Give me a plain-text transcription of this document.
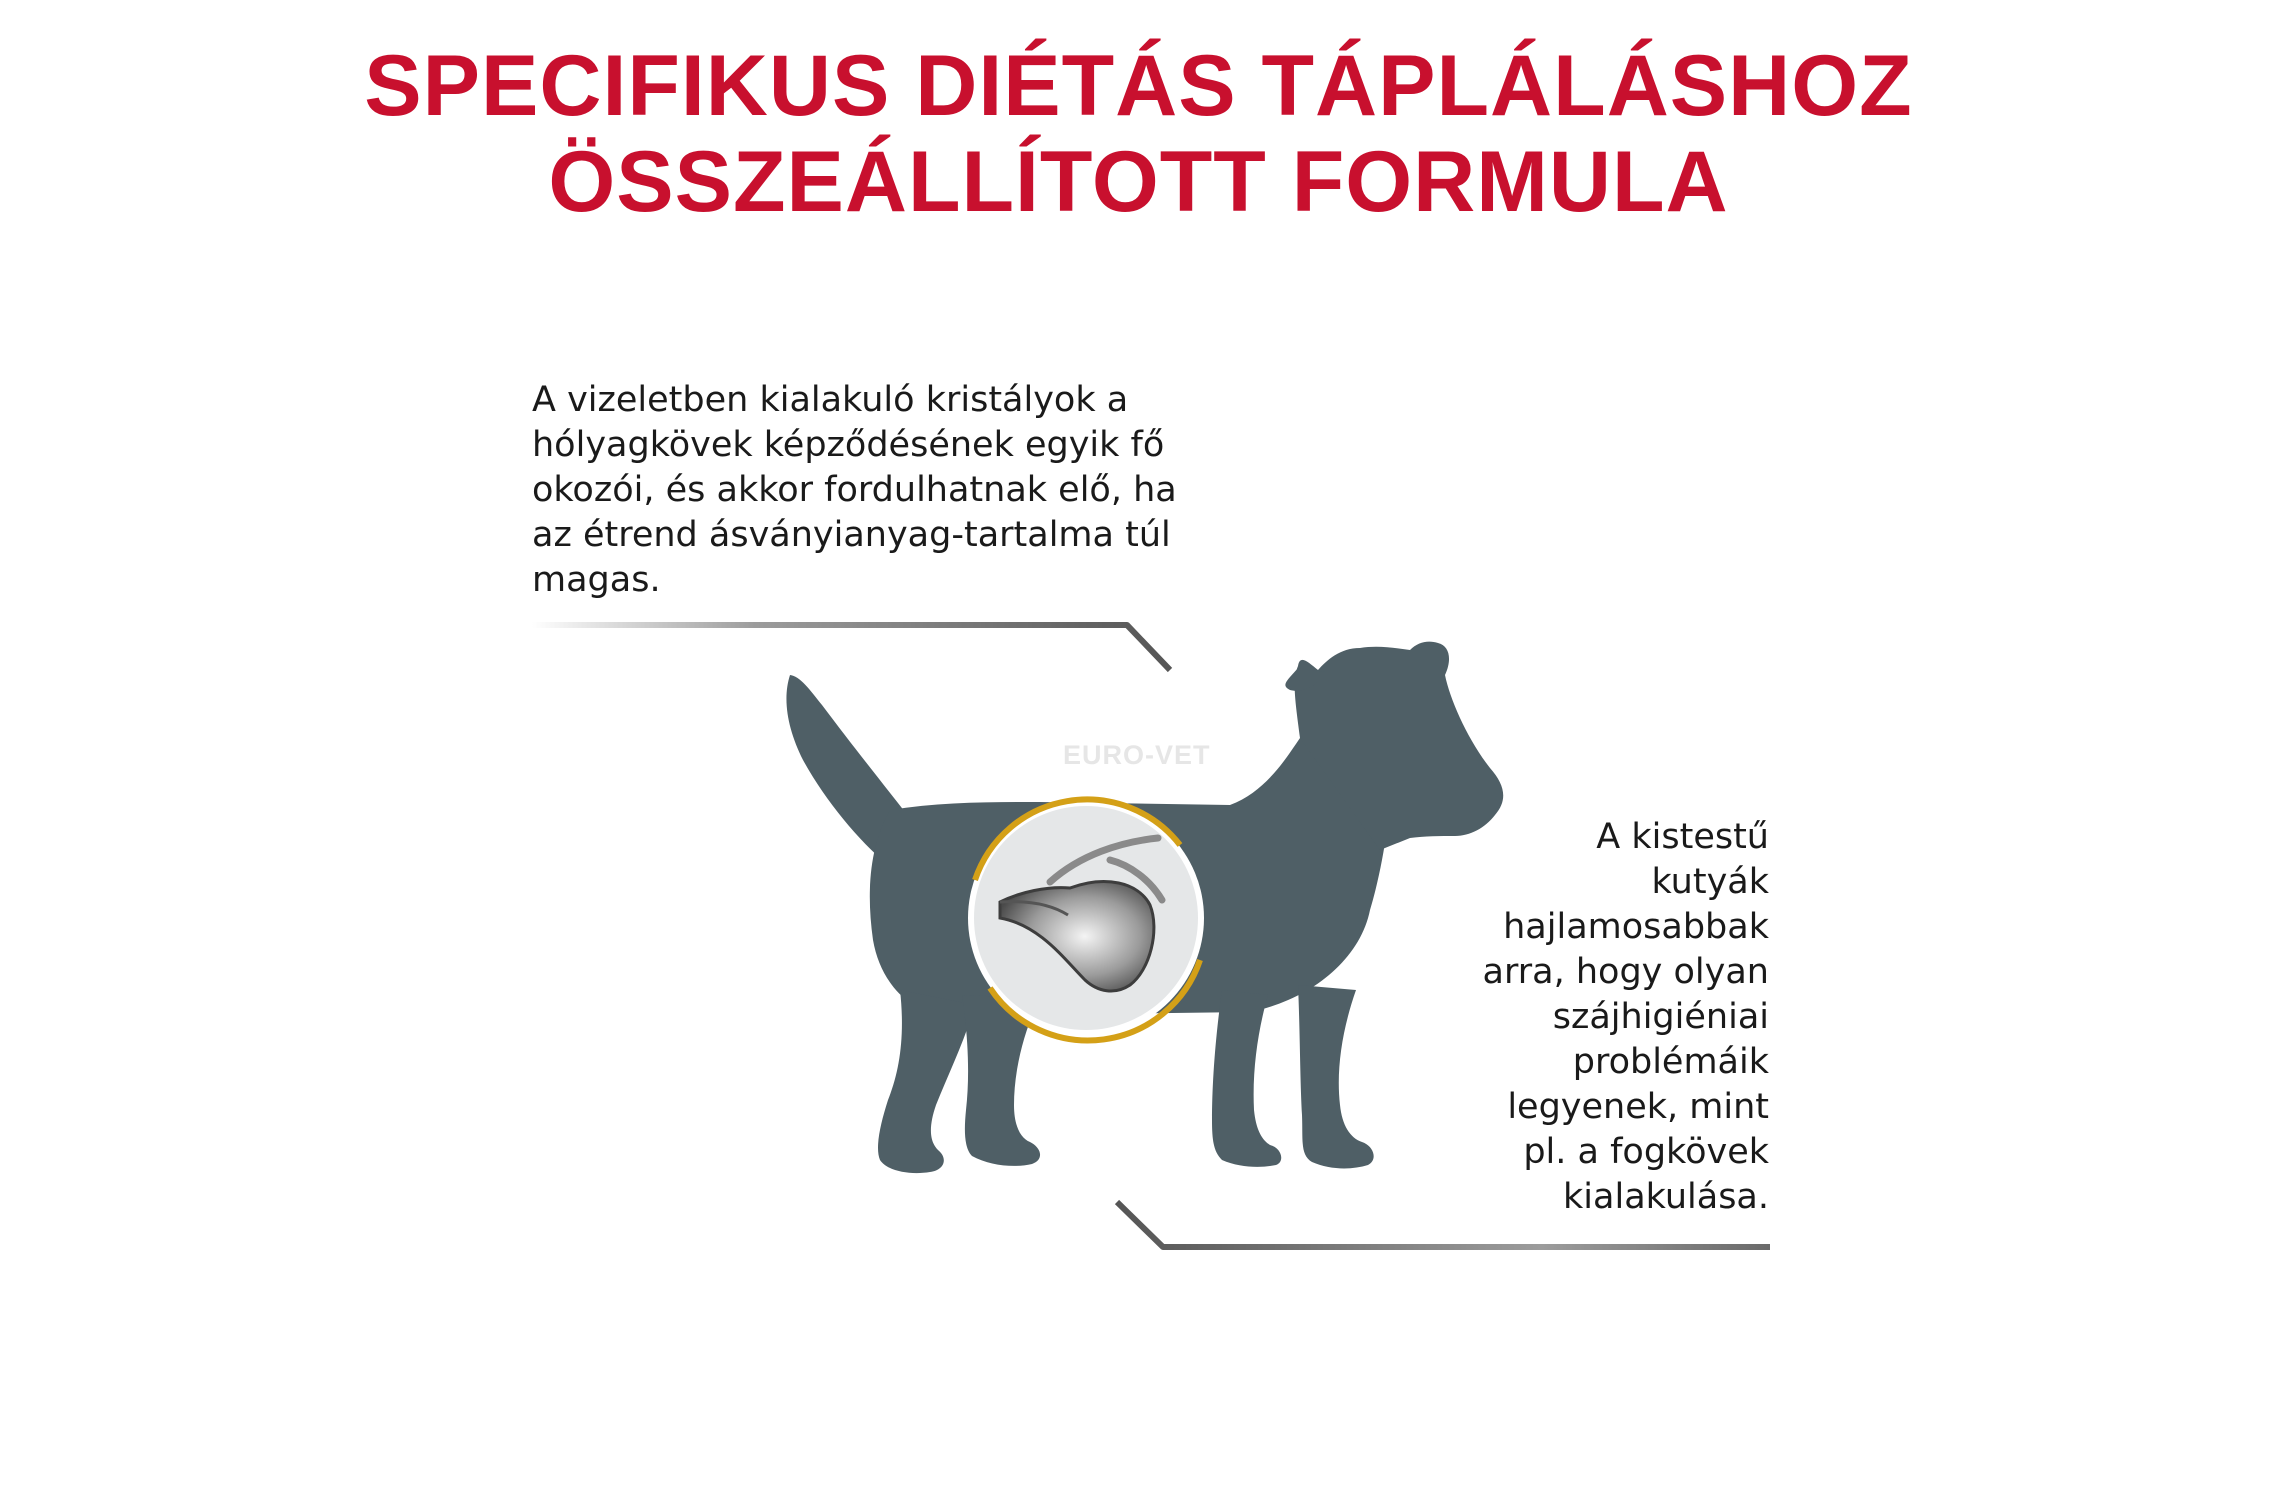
SPECIFIKUS DIÉTÁS TÁPLÁLÁSHOZ
ÖSSZEÁLLÍTOTT FORMULA

A vizeletben kialakuló kristályok a
hólyagkövek képződésének egyik fő
okozói, és akkor fordulhatnak elő, ha
az étrend ásványianyag-tartalma túl
magas.

A kistestű
kutyák
hajlamosabbak
arra, hogy olyan
szájhigiéniai
problémáik
legyenek, mint
pl. a fogkövek
kialakulása.

EURO-VET
